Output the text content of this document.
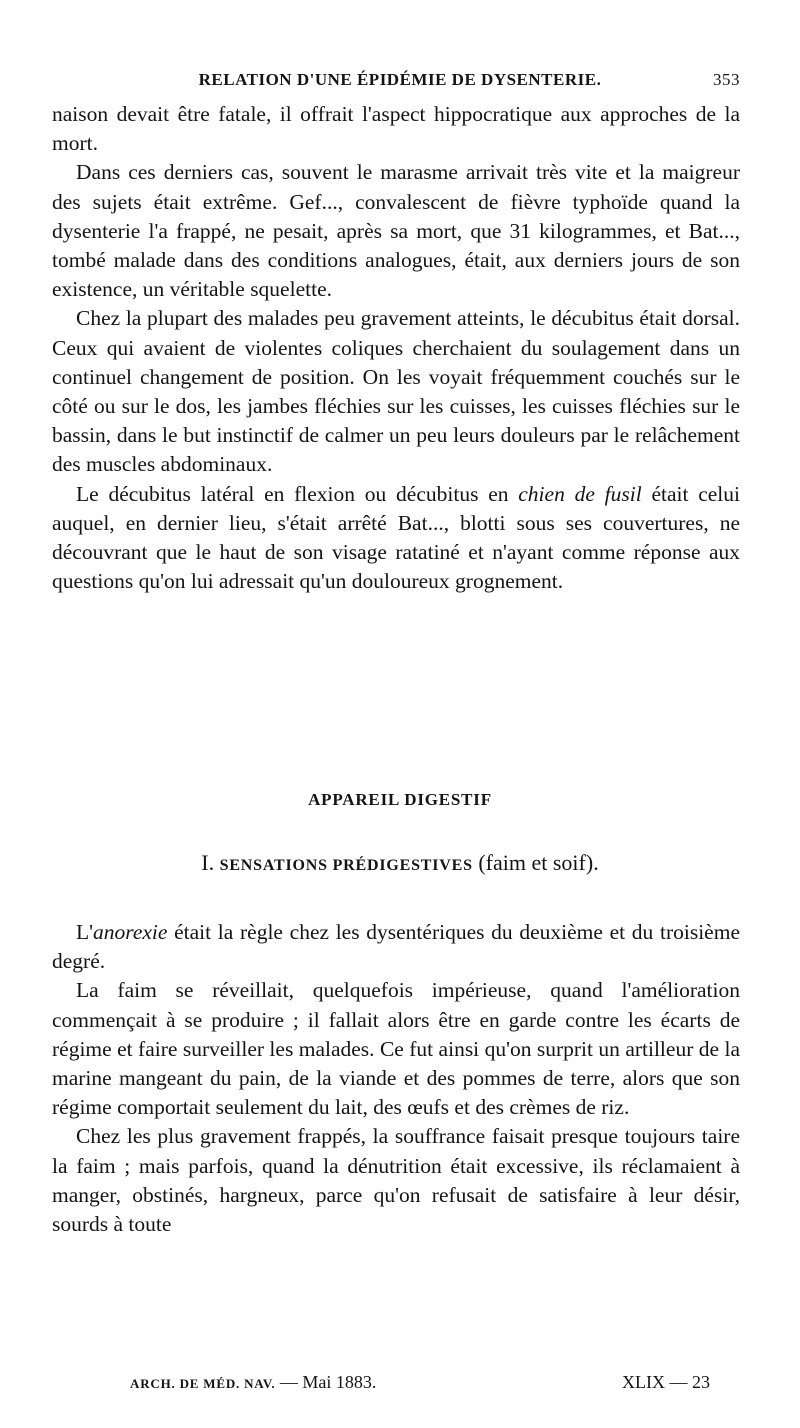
RELATION D'UNE ÉPIDÉMIE DE DYSENTERIE.	353

naison devait être fatale, il offrait l'aspect hippocratique aux approches de la mort.

Dans ces derniers cas, souvent le marasme arrivait très vite et la maigreur des sujets était extrême. Gef..., convalescent de fièvre typhoïde quand la dysenterie l'a frappé, ne pesait, après sa mort, que 31 kilogrammes, et Bat..., tombé malade dans des conditions analogues, était, aux derniers jours de son existence, un véritable squelette.

Chez la plupart des malades peu gravement atteints, le décubitus était dorsal. Ceux qui avaient de violentes coliques cherchaient du soulagement dans un continuel changement de position. On les voyait fréquemment couchés sur le côté ou sur le dos, les jambes fléchies sur les cuisses, les cuisses fléchies sur le bassin, dans le but instinctif de calmer un peu leurs douleurs par le relâchement des muscles abdominaux.

Le décubitus latéral en flexion ou décubitus en chien de fusil était celui auquel, en dernier lieu, s'était arrêté Bat..., blotti sous ses couvertures, ne découvrant que le haut de son visage ratatiné et n'ayant comme réponse aux questions qu'on lui adressait qu'un douloureux grognement.

APPAREIL DIGESTIF
I. SENSATIONS PRÉDIGESTIVES (faim et soif).

L'anorexie était la règle chez les dysentériques du deuxième et du troisième degré.

La faim se réveillait, quelquefois impérieuse, quand l'amélioration commençait à se produire ; il fallait alors être en garde contre les écarts de régime et faire surveiller les malades. Ce fut ainsi qu'on surprit un artilleur de la marine mangeant du pain, de la viande et des pommes de terre, alors que son régime comportait seulement du lait, des œufs et des crèmes de riz.

Chez les plus gravement frappés, la souffrance faisait presque toujours taire la faim ; mais parfois, quand la dénutrition était excessive, ils réclamaient à manger, obstinés, hargneux, parce qu'on refusait de satisfaire à leur désir, sourds à toute

ARCH. DE MÉD. NAV. — Mai 1883.	XLIX — 23
